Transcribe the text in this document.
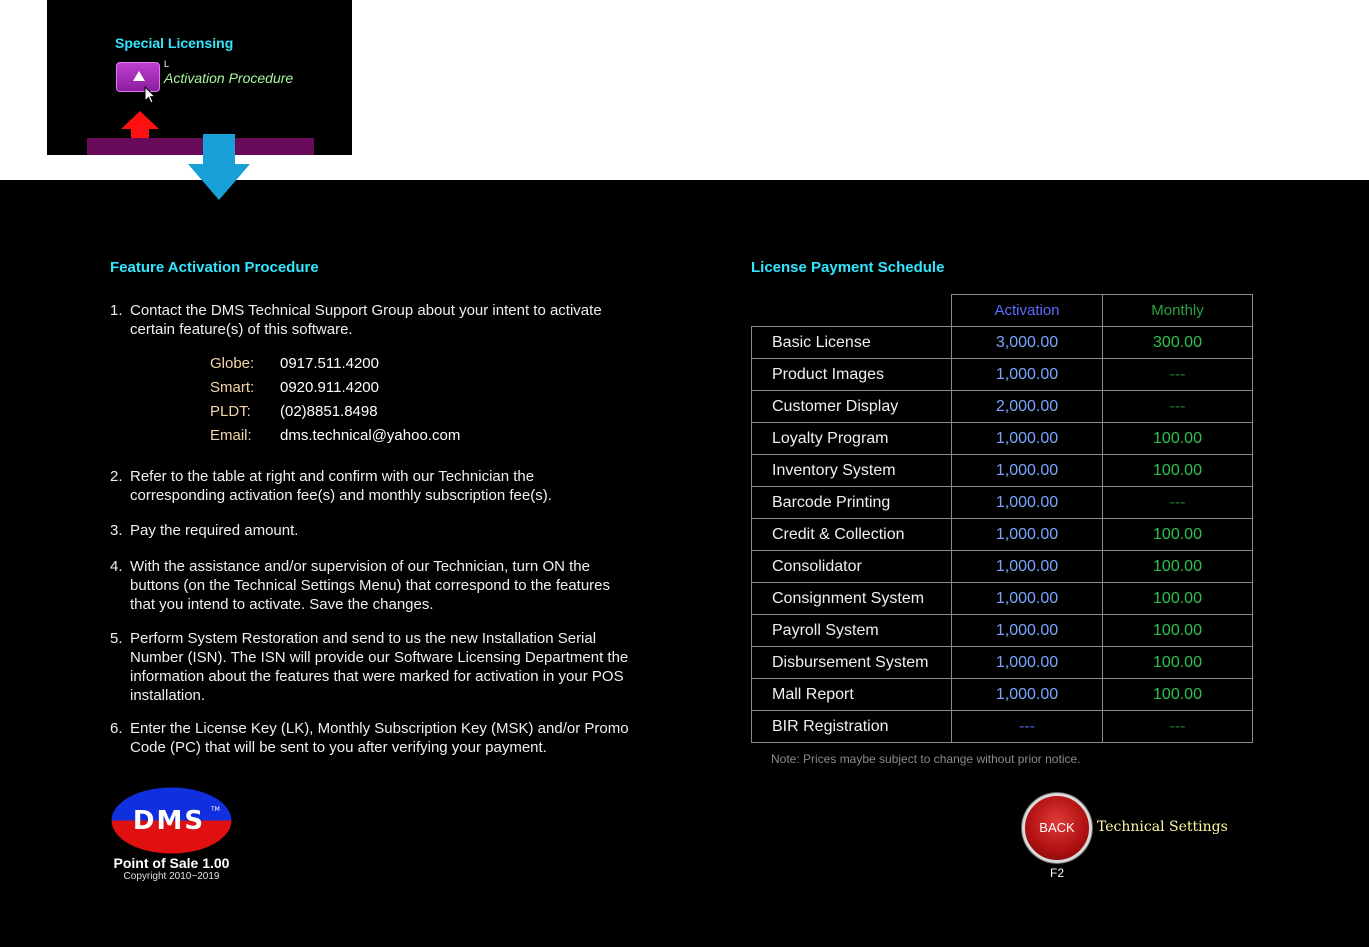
Special Licensing
L
Activation Procedure
Feature Activation Procedure
1. Contact the DMS Technical Support Group about your intent to activate certain feature(s) of this software.
2. Refer to the table at right and confirm with our Technician the corresponding activation fee(s) and monthly subscription fee(s).
3. Pay the required amount.
4. With the assistance and/or supervision of our Technician, turn ON the buttons (on the Technical Settings Menu) that correspond to the features that you intend to activate. Save the changes.
5. Perform System Restoration and send to us the new Installation Serial Number (ISN). The ISN will provide our Software Licensing Department the information about the features that were marked for activation in your POS installation.
6. Enter the License Key (LK), Monthly Subscription Key (MSK) and/or Promo Code (PC) that will be sent to you after verifying your payment.
Globe: 0917.511.4200
Smart: 0920.911.4200
PLDT: (02)8851.8498
Email: dms.technical@yahoo.com
DMS TM
Point of Sale 1.00
Copyright 2010~2019
License Payment Schedule
	Activation	Monthly
Basic License	3,000.00	300.00
Product Images	1,000.00	---
Customer Display	2,000.00	---
Loyalty Program	1,000.00	100.00
Inventory System	1,000.00	100.00
Barcode Printing	1,000.00	---
Credit & Collection	1,000.00	100.00
Consolidator	1,000.00	100.00
Consignment System	1,000.00	100.00
Payroll System	1,000.00	100.00
Disbursement System	1,000.00	100.00
Mall Report	1,000.00	100.00
BIR Registration	---	---
Note: Prices maybe subject to change without prior notice.
BACK	Technical Settings
F2
